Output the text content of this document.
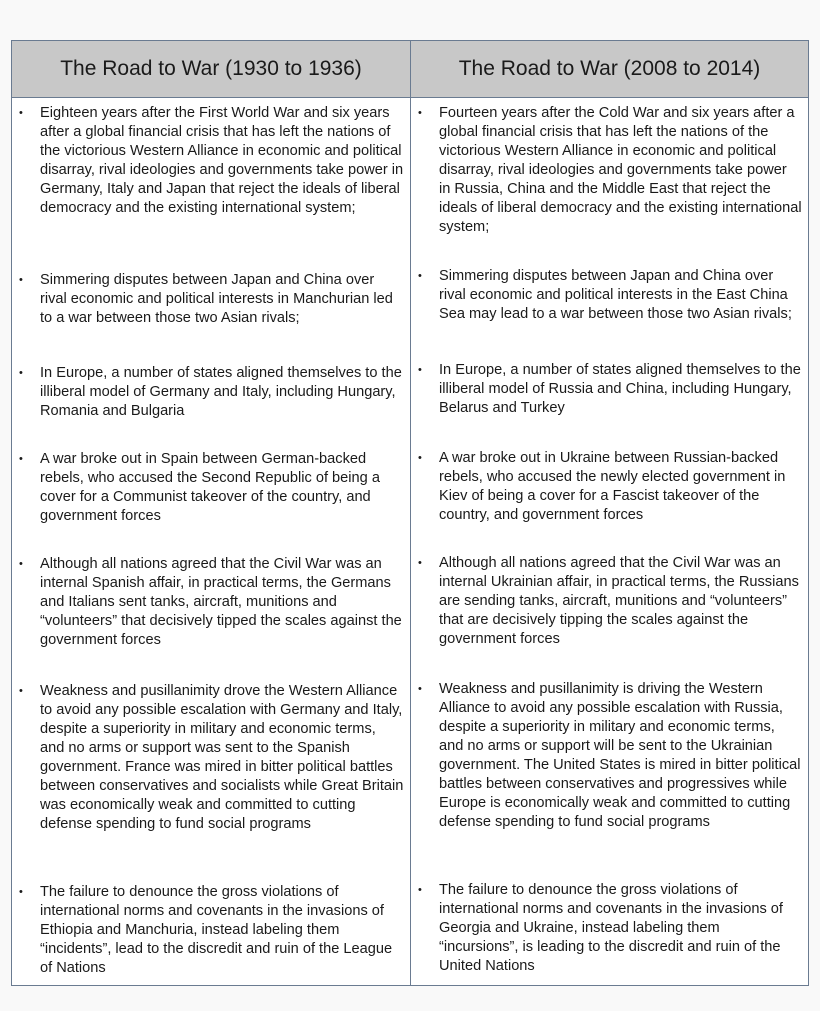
The Road to War (1930 to 1936)
• Eighteen years after the First World War and six years after a global financial crisis that has left the nations of the victorious Western Alliance in economic and political disarray, rival ideologies and governments take power in Germany, Italy and Japan that reject the ideals of liberal democracy and the existing international system;
• Simmering disputes between Japan and China over rival economic and political interests in Manchurian led to a war between those two Asian rivals;
• In Europe, a number of states aligned themselves to the illiberal model of Germany and Italy, including Hungary, Romania and Bulgaria
• A war broke out in Spain between German-backed rebels, who accused the Second Republic of being a cover for a Communist takeover of the country, and government forces
• Although all nations agreed that the Civil War was an internal Spanish affair, in practical terms, the Germans and Italians sent tanks, aircraft, munitions and “volunteers” that decisively tipped the scales against the government forces
• Weakness and pusillanimity drove the Western Alliance to avoid any possible escalation with Germany and Italy, despite a superiority in military and economic terms, and no arms or support was sent to the Spanish government. France was mired in bitter political battles between conservatives and socialists while Great Britain was economically weak and committed to cutting defense spending to fund social programs
• The failure to denounce the gross violations of international norms and covenants in the invasions of Ethiopia and Manchuria, instead labeling them “incidents”, lead to the discredit and ruin of the League of Nations
The Road to War (2008 to 2014)
• Fourteen years after the Cold War and six years after a global financial crisis that has left the nations of the victorious Western Alliance in economic and political disarray, rival ideologies and governments take power in Russia, China and the Middle East that reject the ideals of liberal democracy and the existing international system;
• Simmering disputes between Japan and China over rival economic and political interests in the East China Sea may lead to a war between those two Asian rivals;
• In Europe, a number of states aligned themselves to the illiberal model of Russia and China, including Hungary, Belarus and Turkey
• A war broke out in Ukraine between Russian-backed rebels, who accused the newly elected government in Kiev of being a cover for a Fascist takeover of the country, and government forces
• Although all nations agreed that the Civil War was an internal Ukrainian affair, in practical terms, the Russians are sending tanks, aircraft, munitions and “volunteers” that are decisively tipping the scales against the government forces
• Weakness and pusillanimity is driving the Western Alliance to avoid any possible escalation with Russia, despite a superiority in military and economic terms, and no arms or support will be sent to the Ukrainian government. The United States is mired in bitter political battles between conservatives and progressives while Europe is economically weak and committed to cutting defense spending to fund social programs
• The failure to denounce the gross violations of international norms and covenants in the invasions of Georgia and Ukraine, instead labeling them “incursions”, is leading to the discredit and ruin of the United Nations
